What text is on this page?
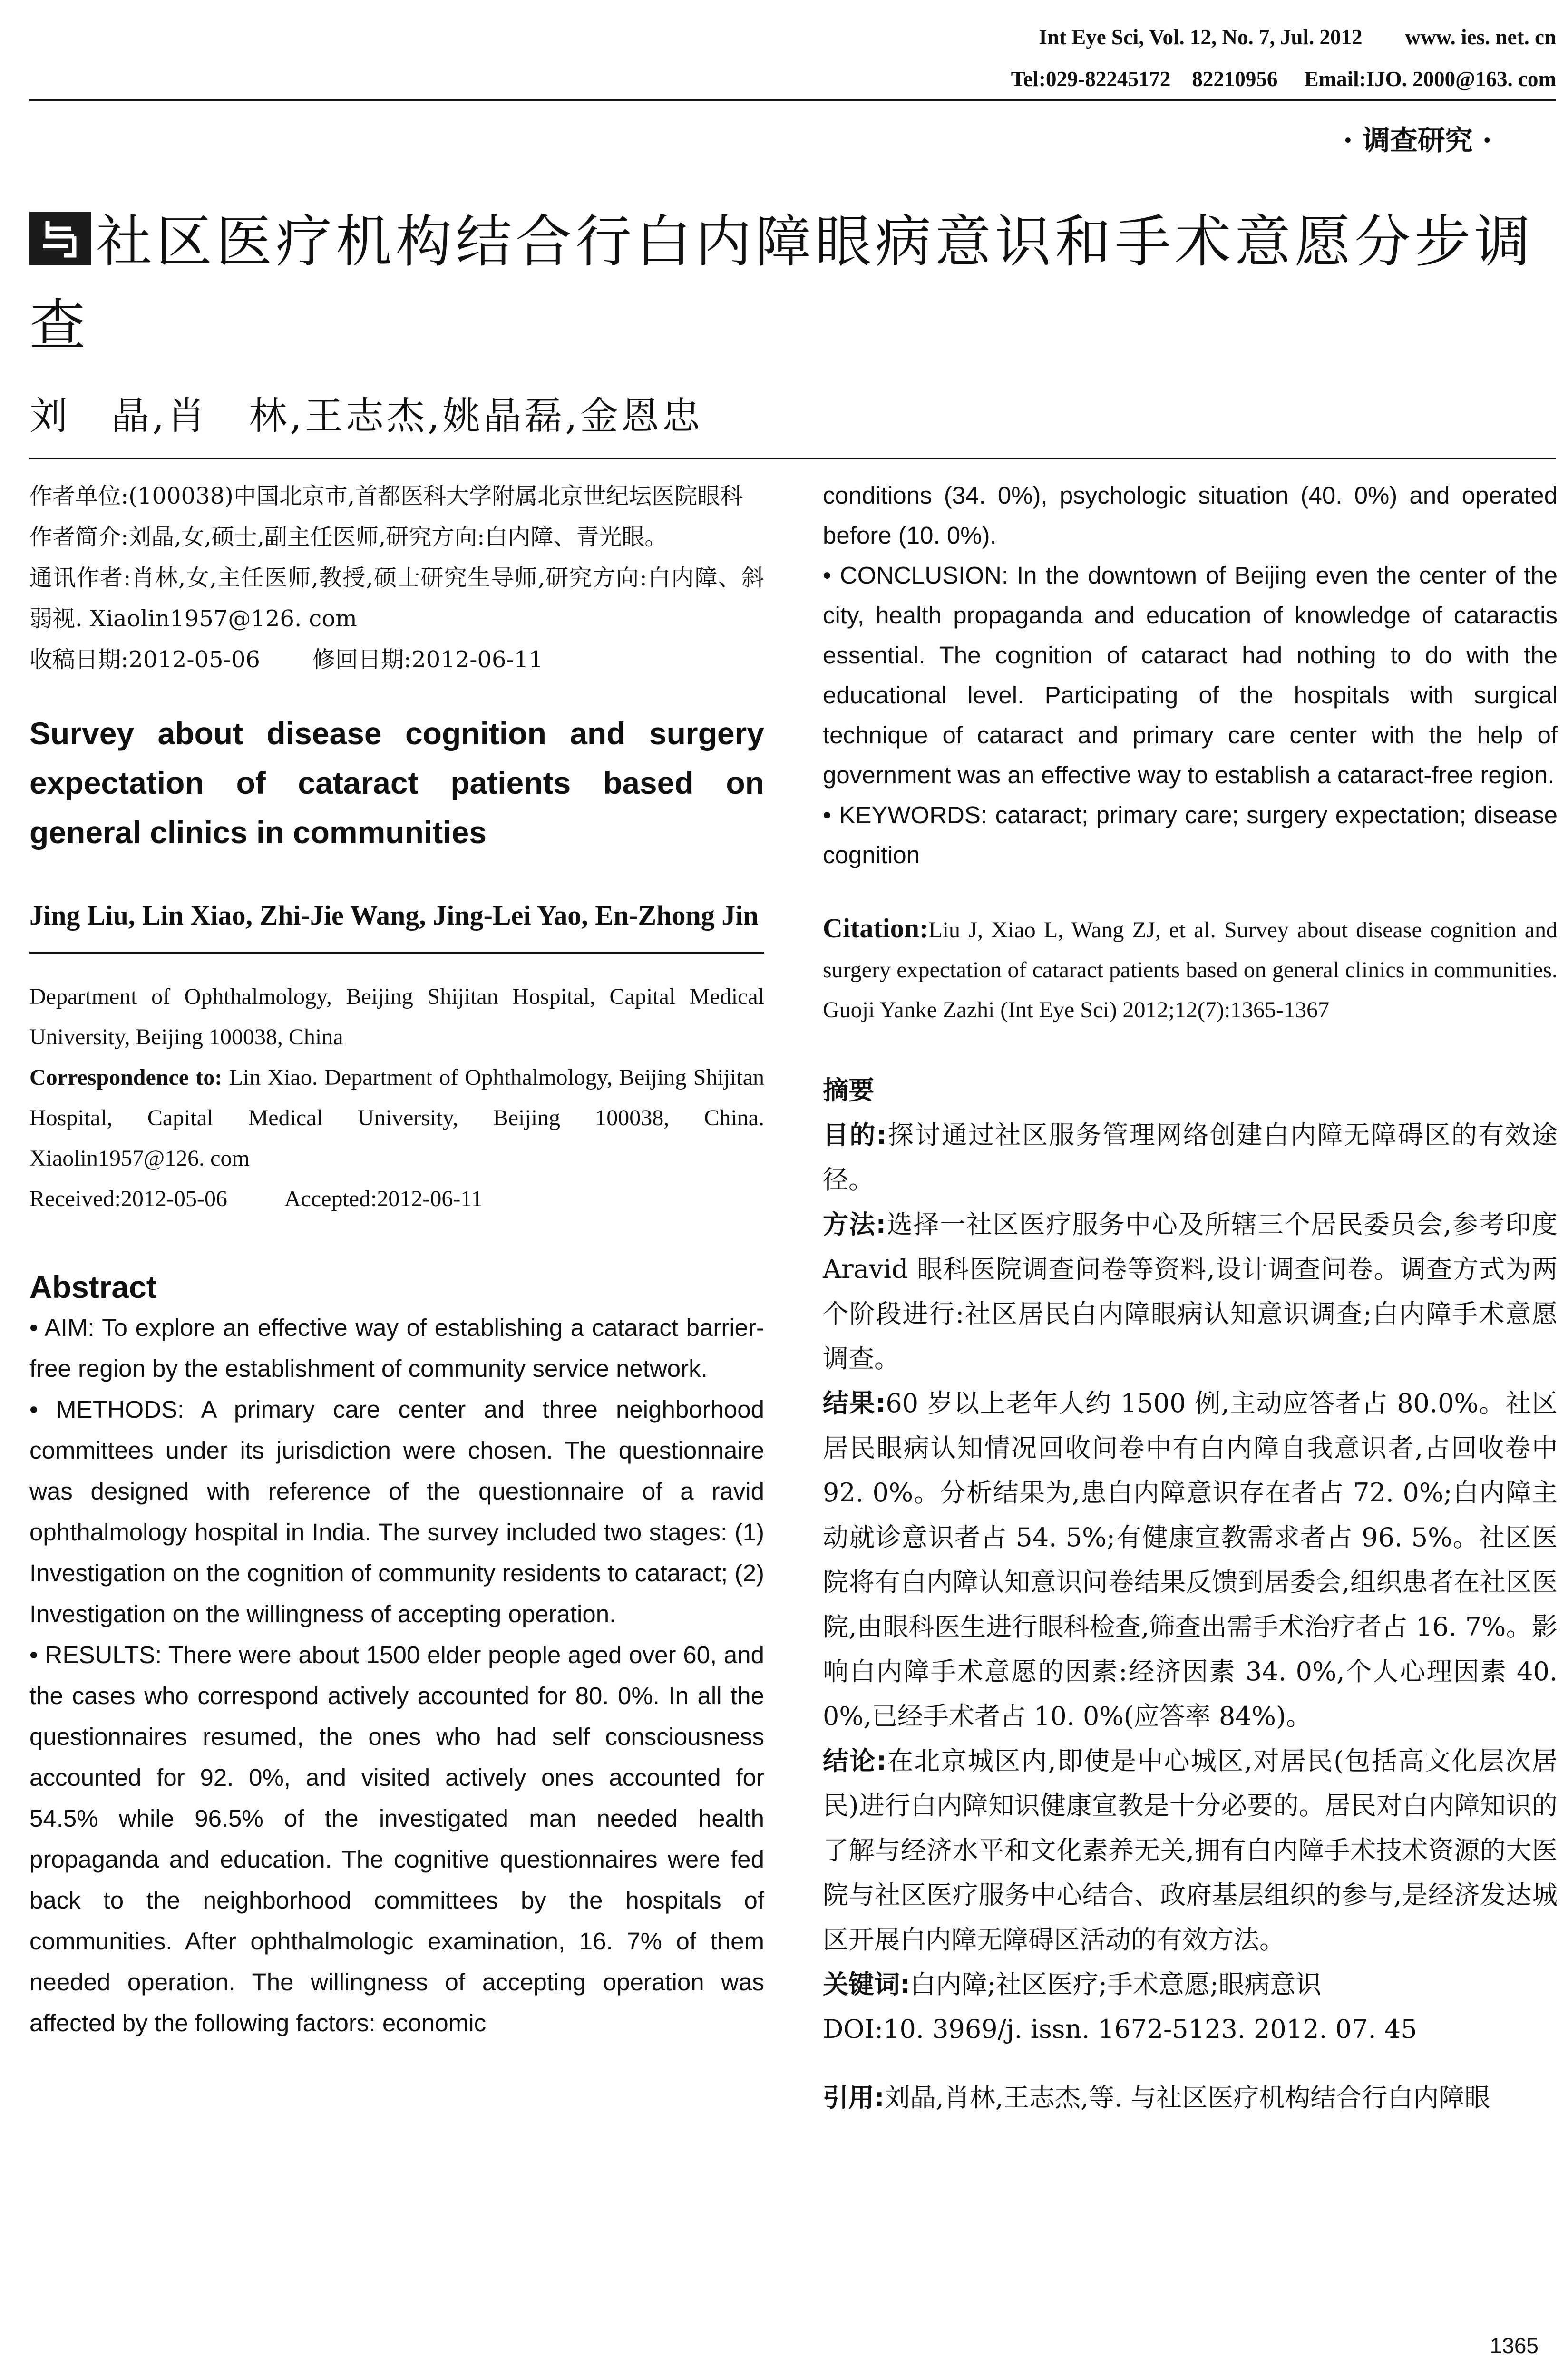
Int Eye Sci, Vol. 12, No. 7, Jul. 2012        www. ies. net. cn
Tel:029-82245172    82210956     Email:IJO. 2000@163. com
· 调查研究 ·
社区医疗机构结合行白内障眼病意识和手术意愿分步调查
刘　晶,肖　林,王志杰,姚晶磊,金恩忠
作者单位:(100038)中国北京市,首都医科大学附属北京世纪坛医院眼科
作者简介:刘晶,女,硕士,副主任医师,研究方向:白内障、青光眼。
通讯作者:肖林,女,主任医师,教授,硕士研究生导师,研究方向:白内障、斜弱视. Xiaolin1957@126. com
收稿日期:2012-05-06 修回日期:2012-06-11
Survey about disease cognition and surgery expectation of cataract patients based on general clinics in communities
Jing Liu, Lin Xiao, Zhi-Jie Wang, Jing-Lei Yao, En-Zhong Jin
Department of Ophthalmology, Beijing Shijitan Hospital, Capital Medical University, Beijing 100038, China
Correspondence to: Lin Xiao. Department of Ophthalmology, Beijing Shijitan Hospital, Capital Medical University, Beijing 100038, China. Xiaolin1957@126. com
Received:2012-05-06	Accepted:2012-06-11
Abstract
• AIM: To explore an effective way of establishing a cataract barrier-free region by the establishment of community service network.
• METHODS: A primary care center and three neighborhood committees under its jurisdiction were chosen. The questionnaire was designed with reference of the questionnaire of a ravid ophthalmology hospital in India. The survey included two stages: (1) Investigation on the cognition of community residents to cataract; (2) Investigation on the willingness of accepting operation.
• RESULTS: There were about 1500 elder people aged over 60, and the cases who correspond actively accounted for 80. 0%. In all the questionnaires resumed, the ones who had self consciousness accounted for 92. 0%, and visited actively ones accounted for 54.5% while 96.5% of the investigated man needed health propaganda and education. The cognitive questionnaires were fed back to the neighborhood committees by the hospitals of communities. After ophthalmologic examination, 16. 7% of them needed operation. The willingness of accepting operation was affected by the following factors: economic
conditions (34. 0%), psychologic situation (40. 0%) and operated before (10. 0%).
• CONCLUSION: In the downtown of Beijing even the center of the city, health propaganda and education of knowledge of cataractis essential. The cognition of cataract had nothing to do with the educational level. Participating of the hospitals with surgical technique of cataract and primary care center with the help of government was an effective way to establish a cataract-free region.
• KEYWORDS: cataract; primary care; surgery expectation; disease cognition
Citation:Liu J, Xiao L, Wang ZJ, et al. Survey about disease cognition and surgery expectation of cataract patients based on general clinics in communities. Guoji Yanke Zazhi (Int Eye Sci) 2012;12(7):1365-1367
摘要
目的:探讨通过社区服务管理网络创建白内障无障碍区的有效途径。
方法:选择一社区医疗服务中心及所辖三个居民委员会,参考印度 Aravid 眼科医院调查问卷等资料,设计调查问卷。调查方式为两个阶段进行:社区居民白内障眼病认知意识调查;白内障手术意愿调查。
结果:60 岁以上老年人约 1500 例,主动应答者占 80.0%。社区居民眼病认知情况回收问卷中有白内障自我意识者,占回收卷中 92. 0%。分析结果为,患白内障意识存在者占 72. 0%;白内障主动就诊意识者占 54. 5%;有健康宣教需求者占 96. 5%。社区医院将有白内障认知意识问卷结果反馈到居委会,组织患者在社区医院,由眼科医生进行眼科检查,筛查出需手术治疗者占 16. 7%。影响白内障手术意愿的因素:经济因素 34. 0%,个人心理因素 40. 0%,已经手术者占 10. 0%(应答率 84%)。
结论:在北京城区内,即使是中心城区,对居民(包括高文化层次居民)进行白内障知识健康宣教是十分必要的。居民对白内障知识的了解与经济水平和文化素养无关,拥有白内障手术技术资源的大医院与社区医疗服务中心结合、政府基层组织的参与,是经济发达城区开展白内障无障碍区活动的有效方法。
关键词:白内障;社区医疗;手术意愿;眼病意识
DOI:10. 3969/j. issn. 1672-5123. 2012. 07. 45
引用:刘晶,肖林,王志杰,等. 与社区医疗机构结合行白内障眼
1365
